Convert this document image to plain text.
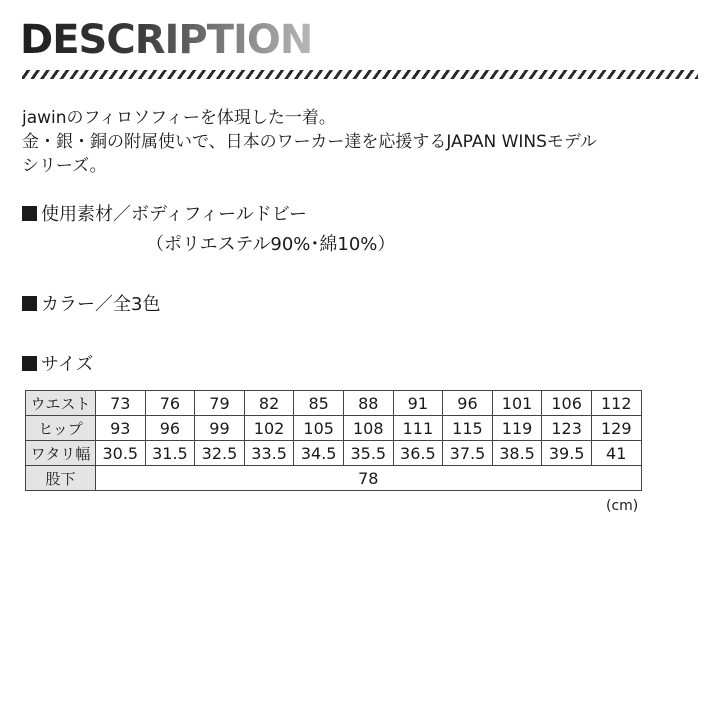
DESCRIPTION
jawinのフィロソフィーを体現した一着。
金・銀・銅の附属使いで、日本のワーカー達を応援するJAPAN WINSモデル
シリーズ。
使用素材／ボディフィールドビー
（ポリエステル90%･綿10%）
カラー／全3色
サイズ
ウエスト	73	76	79	82	85	88	91	96	101	106	112
ヒップ	93	96	99	102	105	108	111	115	119	123	129
ワタリ幅	30.5	31.5	32.5	33.5	34.5	35.5	36.5	37.5	38.5	39.5	41
股下	78										
(cm)
